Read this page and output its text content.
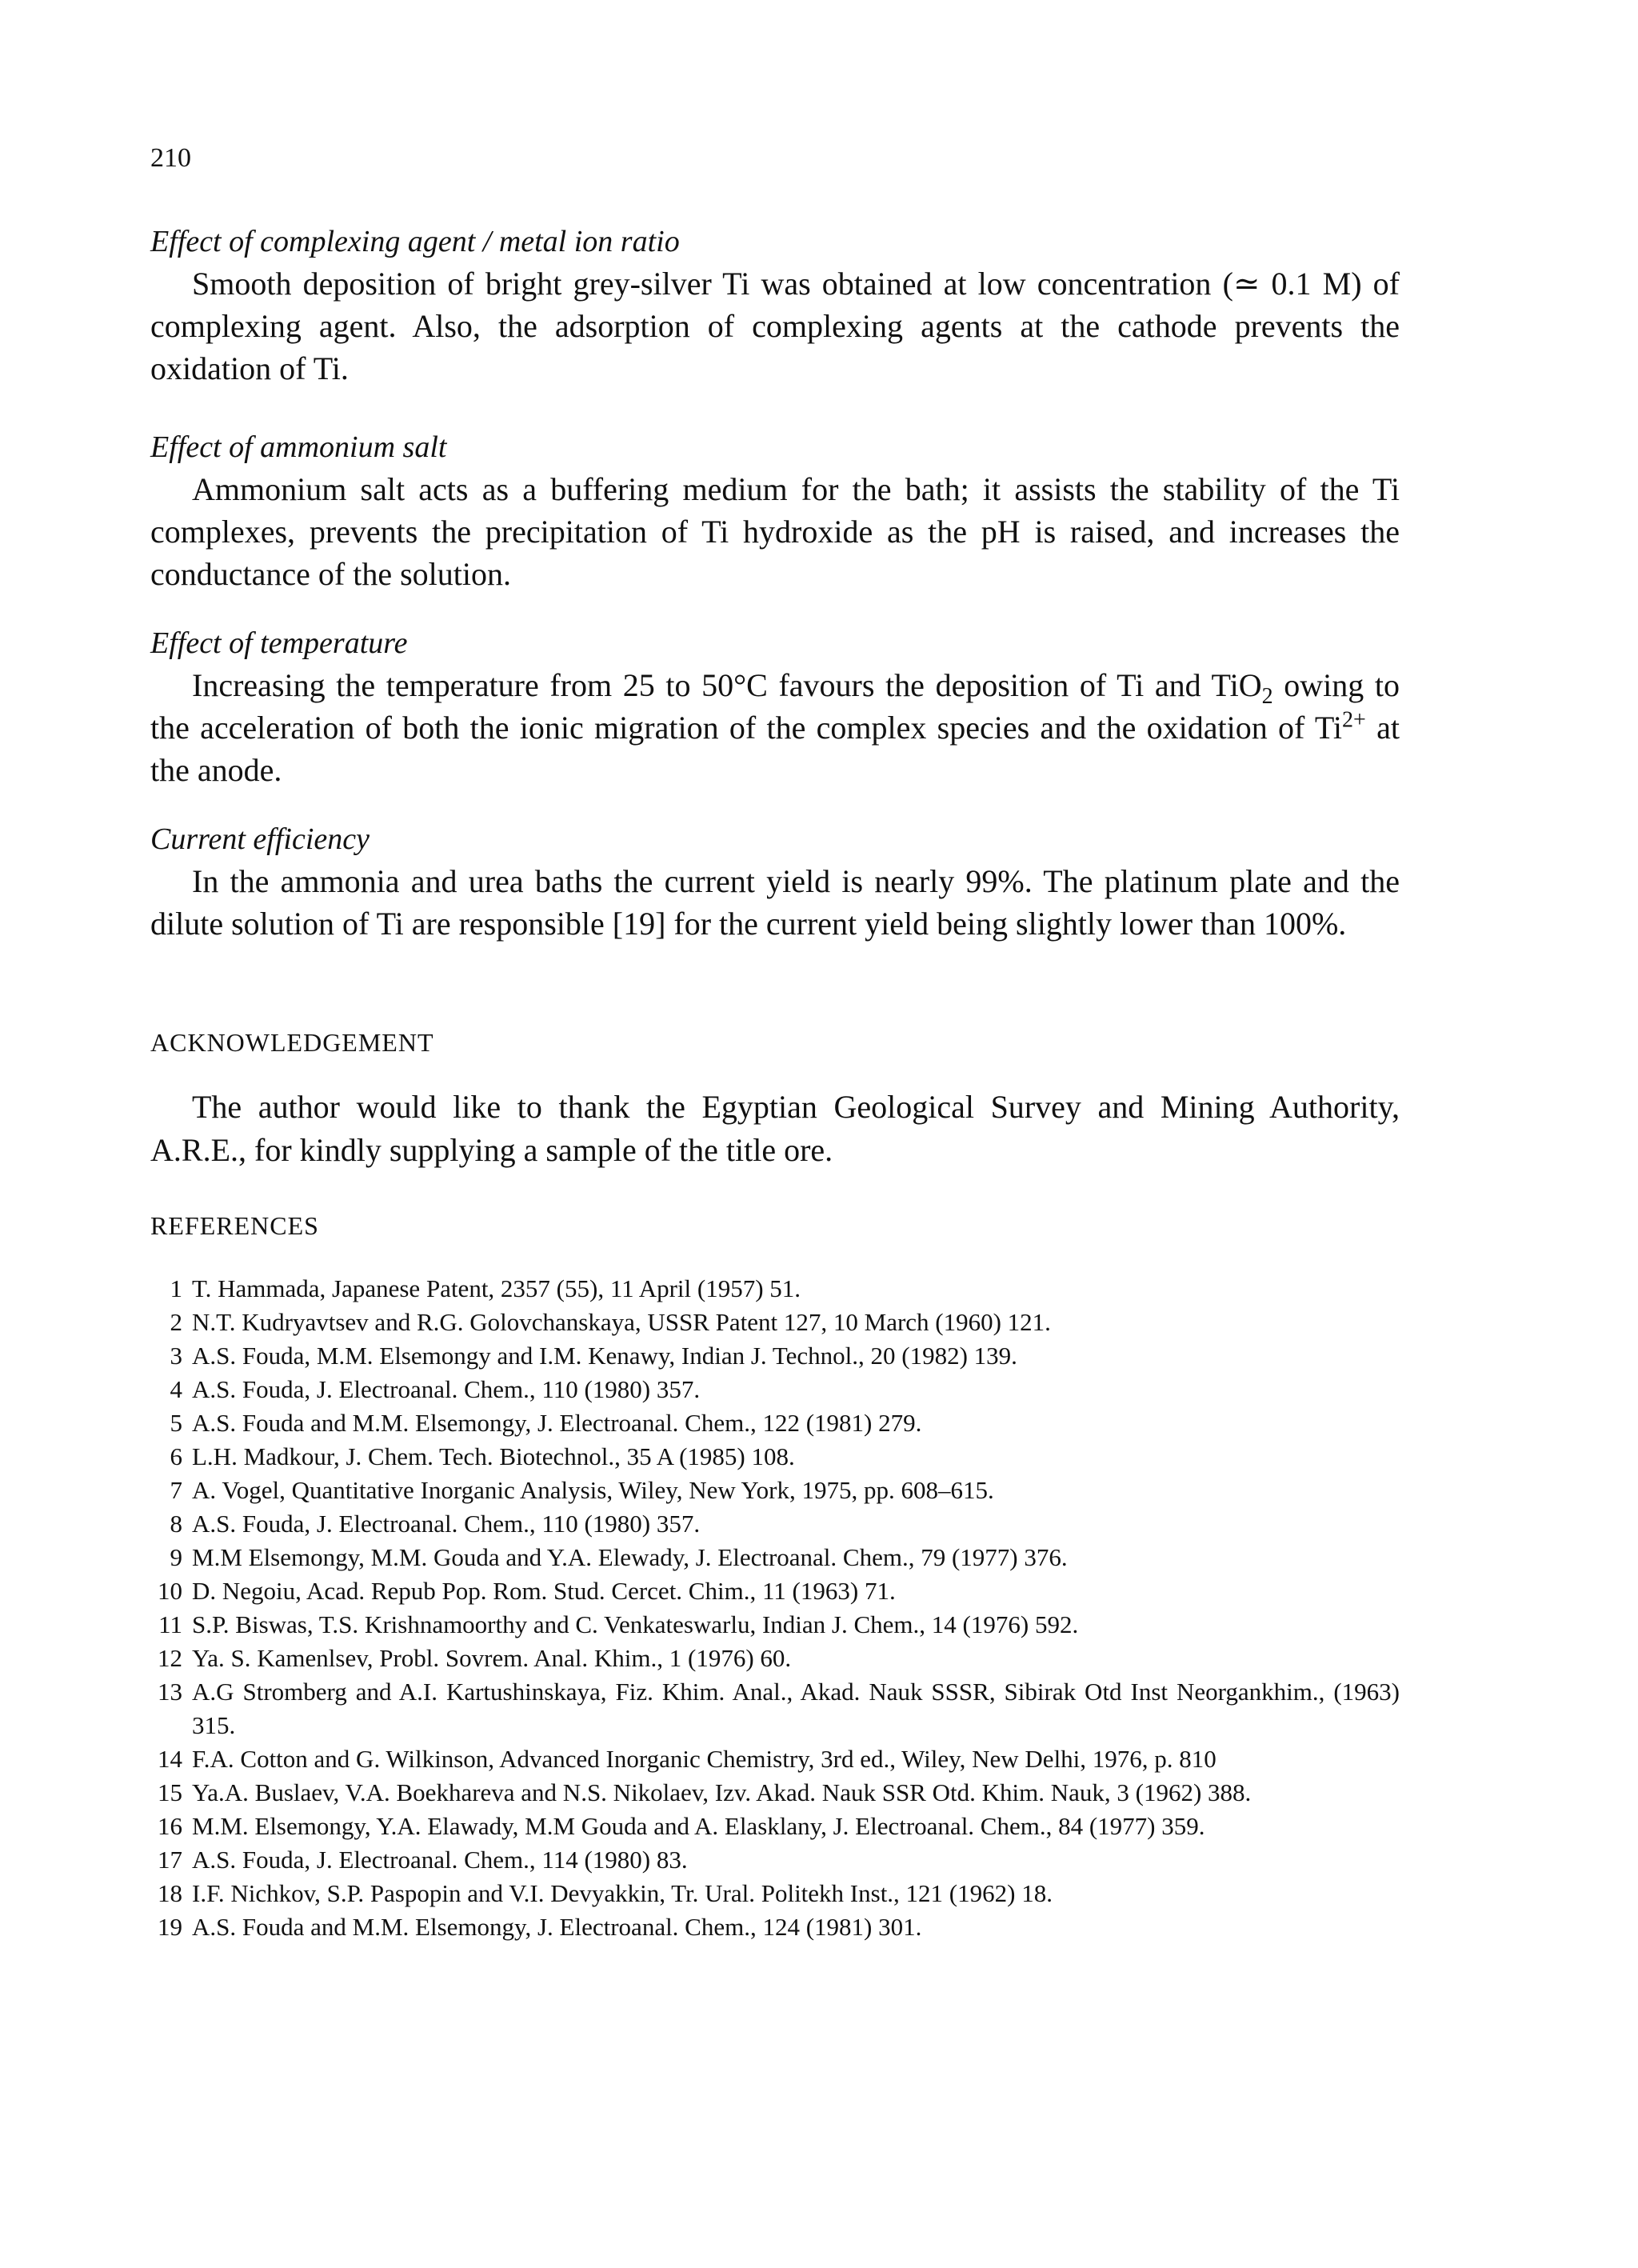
210

Effect of complexing agent / metal ion ratio

Smooth deposition of bright grey-silver Ti was obtained at low concentration (≃ 0.1 M) of complexing agent. Also, the adsorption of complexing agents at the cathode prevents the oxidation of Ti.

Effect of ammonium salt

Ammonium salt acts as a buffering medium for the bath; it assists the stability of the Ti complexes, prevents the precipitation of Ti hydroxide as the pH is raised, and increases the conductance of the solution.

Effect of temperature

Increasing the temperature from 25 to 50°C favours the deposition of Ti and TiO$_2$ owing to the acceleration of both the ionic migration of the complex species and the oxidation of $Ti^{2+}$ at the anode.

Current efficiency

In the ammonia and urea baths the current yield is nearly 99%. The platinum plate and the dilute solution of Ti are responsible [19] for the current yield being slightly lower than 100%.

ACKNOWLEDGEMENT

The author would like to thank the Egyptian Geological Survey and Mining Authority, A.R.E., for kindly supplying a sample of the title ore.

REFERENCES
1 T. Hammada, Japanese Patent, 2357 (55), 11 April (1957) 51.
2 N.T. Kudryavtsev and R.G. Golovchanskaya, USSR Patent 127, 10 March (1960) 121.
3 A.S. Fouda, M.M. Elsemongy and I.M. Kenawy, Indian J. Technol., 20 (1982) 139.
4 A.S. Fouda, J. Electroanal. Chem., 110 (1980) 357.
5 A.S. Fouda and M.M. Elsemongy, J. Electroanal. Chem., 122 (1981) 279.
6 L.H. Madkour, J. Chem. Tech. Biotechnol., 35 A (1985) 108.
7 A. Vogel, Quantitative Inorganic Analysis, Wiley, New York, 1975, pp. 608–615.
8 A.S. Fouda, J. Electroanal. Chem., 110 (1980) 357.
9 M.M Elsemongy, M.M. Gouda and Y.A. Elewady, J. Electroanal. Chem., 79 (1977) 376.
10 D. Negoiu, Acad. Repub Pop. Rom. Stud. Cercet. Chim., 11 (1963) 71.
11 S.P. Biswas, T.S. Krishnamoorthy and C. Venkateswarlu, Indian J. Chem., 14 (1976) 592.
12 Ya. S. Kamenlsev, Probl. Sovrem. Anal. Khim., 1 (1976) 60.
13 A.G Stromberg and A.I. Kartushinskaya, Fiz. Khim. Anal., Akad. Nauk SSSR, Sibirak Otd Inst Neorgankhim., (1963) 315.
14 F.A. Cotton and G. Wilkinson, Advanced Inorganic Chemistry, 3rd ed., Wiley, New Delhi, 1976, p. 810
15 Ya.A. Buslaev, V.A. Boekhareva and N.S. Nikolaev, Izv. Akad. Nauk SSR Otd. Khim. Nauk, 3 (1962) 388.
16 M.M. Elsemongy, Y.A. Elawady, M.M Gouda and A. Elasklany, J. Electroanal. Chem., 84 (1977) 359.
17 A.S. Fouda, J. Electroanal. Chem., 114 (1980) 83.
18 I.F. Nichkov, S.P. Paspopin and V.I. Devyakkin, Tr. Ural. Politekh Inst., 121 (1962) 18.
19 A.S. Fouda and M.M. Elsemongy, J. Electroanal. Chem., 124 (1981) 301.
